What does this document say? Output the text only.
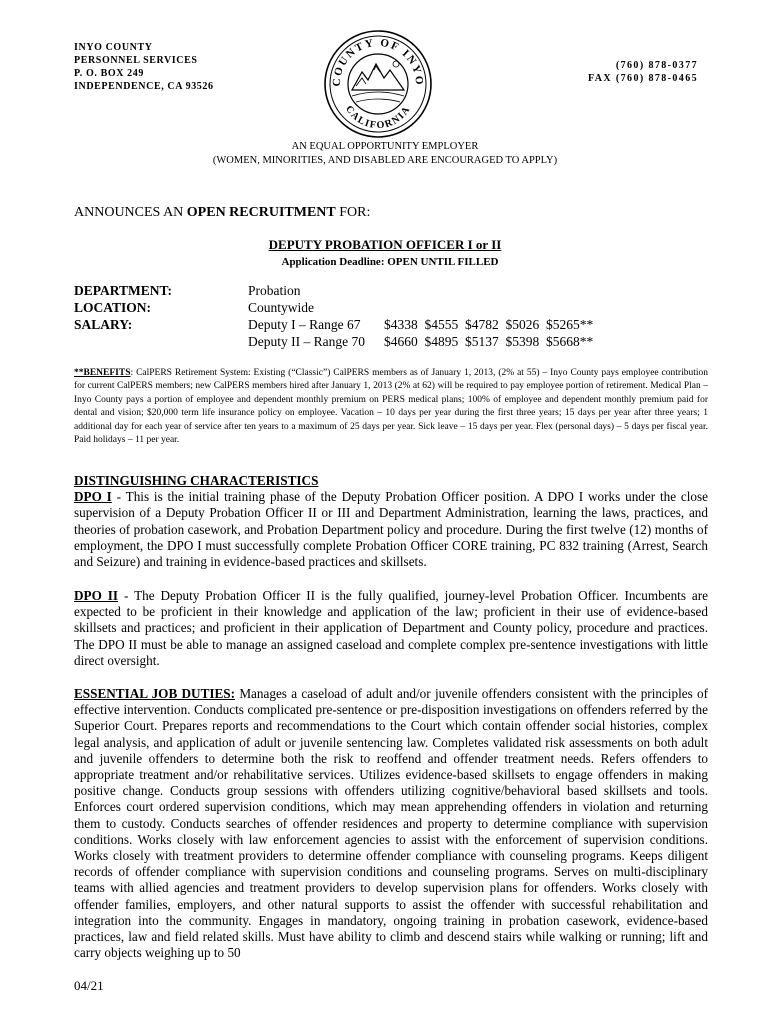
INYO COUNTY
PERSONNEL SERVICES
P. O. BOX 249
INDEPENDENCE, CA 93526	COUNTY OF INYO
CALIFORNIA
(760) 878-0377
FAX (760) 878-0465
AN EQUAL OPPORTUNITY EMPLOYER
(WOMEN, MINORITIES, AND DISABLED ARE ENCOURAGED TO APPLY)
ANNOUNCES AN OPEN RECRUITMENT FOR:
DEPUTY PROBATION OFFICER I or II
Application Deadline: OPEN UNTIL FILLED
DEPARTMENT:	Probation
LOCATION:	Countywide
SALARY:	Deputy I – Range 67 $4338  $4555  $4782  $5026  $5265**
Deputy II – Range 70 $4660  $4895  $5137  $5398  $5668**
**BENEFITS: CalPERS Retirement System: Existing (“Classic”) CalPERS members as of January 1, 2013, (2% at 55) – Inyo County pays employee contribution for current CalPERS members; new CalPERS members hired after January 1, 2013 (2% at 62) will be required to pay employee portion of retirement. Medical Plan – Inyo County pays a portion of employee and dependent monthly premium on PERS medical plans; 100% of employee and dependent monthly premium paid for dental and vision; $20,000 term life insurance policy on employee. Vacation – 10 days per year during the first three years; 15 days per year after three years; 1 additional day for each year of service after ten years to a maximum of 25 days per year. Sick leave – 15 days per year. Flex (personal days) – 5 days per fiscal year. Paid holidays – 11 per year.
DISTINGUISHING CHARACTERISTICS
DPO I - This is the initial training phase of the Deputy Probation Officer position. A DPO I works under the close supervision of a Deputy Probation Officer II or III and Department Administration, learning the laws, practices, and theories of probation casework, and Probation Department policy and procedure. During the first twelve (12) months of employment, the DPO I must successfully complete Probation Officer CORE training, PC 832 training (Arrest, Search and Seizure) and training in evidence-based practices and skillsets.
DPO II - The Deputy Probation Officer II is the fully qualified, journey-level Probation Officer. Incumbents are expected to be proficient in their knowledge and application of the law; proficient in their use of evidence-based skillsets and practices; and proficient in their application of Department and County policy, procedure and practices. The DPO II must be able to manage an assigned caseload and complete complex pre-sentence investigations with little direct oversight.
ESSENTIAL JOB DUTIES: Manages a caseload of adult and/or juvenile offenders consistent with the principles of effective intervention. Conducts complicated pre-sentence or pre-disposition investigations on offenders referred by the Superior Court. Prepares reports and recommendations to the Court which contain offender social histories, complex legal analysis, and application of adult or juvenile sentencing law. Completes validated risk assessments on both adult and juvenile offenders to determine both the risk to reoffend and offender treatment needs. Refers offenders to appropriate treatment and/or rehabilitative services. Utilizes evidence-based skillsets to engage offenders in making positive change. Conducts group sessions with offenders utilizing cognitive/behavioral based skillsets and tools. Enforces court ordered supervision conditions, which may mean apprehending offenders in violation and returning them to custody. Conducts searches of offender residences and property to determine compliance with supervision conditions. Works closely with law enforcement agencies to assist with the enforcement of supervision conditions. Works closely with treatment providers to determine offender compliance with counseling programs. Keeps diligent records of offender compliance with supervision conditions and counseling programs. Serves on multi-disciplinary teams with allied agencies and treatment providers to develop supervision plans for offenders. Works closely with offender families, employers, and other natural supports to assist the offender with successful rehabilitation and integration into the community. Engages in mandatory, ongoing training in probation casework, evidence-based practices, law and field related skills. Must have ability to climb and descend stairs while walking or running; lift and carry objects weighing up to 50
04/21
